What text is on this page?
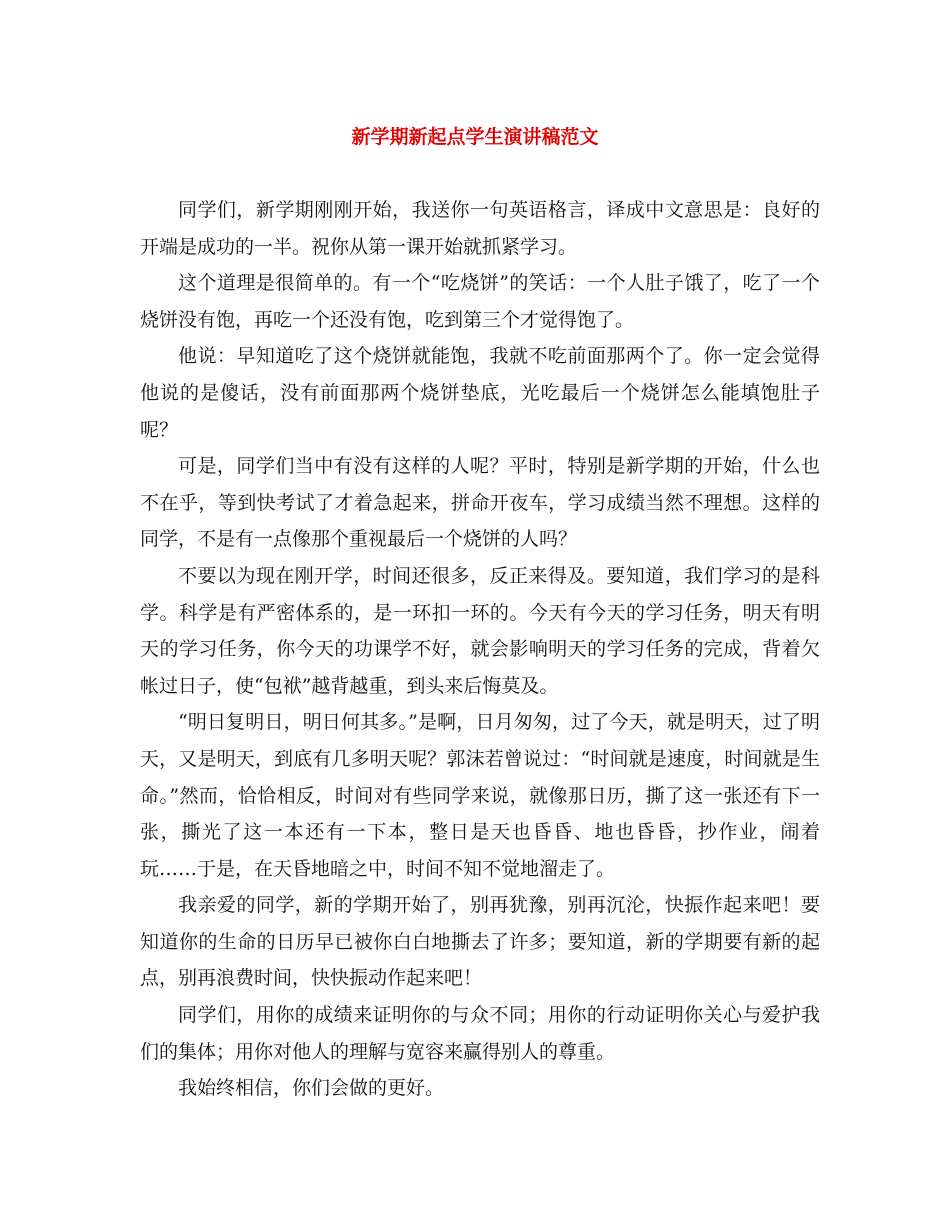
新学期新起点学生演讲稿范文

同学们，新学期刚刚开始，我送你一句英语格言，译成中文意思是：良好的开端是成功的一半。祝你从第一课开始就抓紧学习。

这个道理是很简单的。有一个“吃烧饼”的笑话：一个人肚子饿了，吃了一个烧饼没有饱，再吃一个还没有饱，吃到第三个才觉得饱了。

他说：早知道吃了这个烧饼就能饱，我就不吃前面那两个了。你一定会觉得他说的是傻话，没有前面那两个烧饼垫底，光吃最后一个烧饼怎么能填饱肚子呢？

可是，同学们当中有没有这样的人呢？平时，特别是新学期的开始，什么也不在乎，等到快考试了才着急起来，拼命开夜车，学习成绩当然不理想。这样的同学，不是有一点像那个重视最后一个烧饼的人吗？

不要以为现在刚开学，时间还很多，反正来得及。要知道，我们学习的是科学。科学是有严密体系的，是一环扣一环的。今天有今天的学习任务，明天有明天的学习任务，你今天的功课学不好，就会影响明天的学习任务的完成，背着欠帐过日子，使“包袱”越背越重，到头来后悔莫及。

“明日复明日，明日何其多。”是啊，日月匆匆，过了今天，就是明天，过了明天，又是明天，到底有几多明天呢？郭沫若曾说过：“时间就是速度，时间就是生命。”然而，恰恰相反，时间对有些同学来说，就像那日历，撕了这一张还有下一张，撕光了这一本还有一下本，整日是天也昏昏、地也昏昏，抄作业，闹着玩……于是，在天昏地暗之中，时间不知不觉地溜走了。

我亲爱的同学，新的学期开始了，别再犹豫，别再沉沦，快振作起来吧！要知道你的生命的日历早已被你白白地撕去了许多；要知道，新的学期要有新的起点，别再浪费时间，快快振动作起来吧！

同学们，用你的成绩来证明你的与众不同；用你的行动证明你关心与爱护我们的集体；用你对他人的理解与宽容来赢得别人的尊重。

我始终相信，你们会做的更好。
